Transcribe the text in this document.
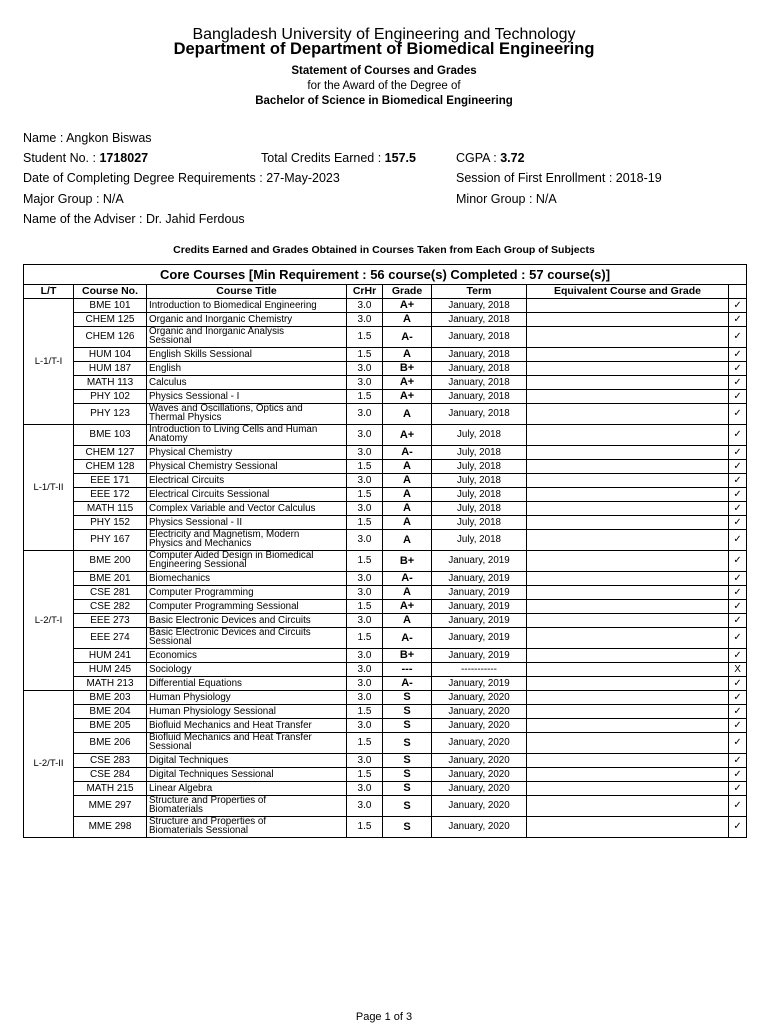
Bangladesh University of Engineering and Technology
Department of Department of Biomedical Engineering
Statement of Courses and Grades
for the Award of the Degree of
Bachelor of Science in Biomedical Engineering
Name : Angkon Biswas
Student No. : 1718027	Total Credits Earned : 157.5	CGPA : 3.72
Date of Completing Degree Requirements : 27-May-2023	Session of First Enrollment : 2018-19
Major Group : N/A	Minor Group : N/A
Name of the Adviser : Dr. Jahid Ferdous
Credits Earned and Grades Obtained in Courses Taken from Each Group of Subjects
Core Courses [Min Requirement : 56 course(s) Completed : 57 course(s)]							
L/T	Course No.	Course Title	CrHr	Grade	Term	Equivalent Course and Grade	
L-1/T-I	BME 101	Introduction to Biomedical Engineering	3.0	A+	January, 2018		✓
	CHEM 125	Organic and Inorganic Chemistry	3.0	A	January, 2018		✓
	CHEM 126	Organic and Inorganic Analysis
Sessional	1.5	A-	January, 2018		✓
	HUM 104	English Skills Sessional	1.5	A	January, 2018		✓
	HUM 187	English	3.0	B+	January, 2018		✓
	MATH 113	Calculus	3.0	A+	January, 2018		✓
	PHY 102	Physics Sessional - I	1.5	A+	January, 2018		✓
	PHY 123	Waves and Oscillations, Optics and
Thermal Physics	3.0	A	January, 2018		✓
L-1/T-II	BME 103	Introduction to Living Cells and Human
Anatomy	3.0	A+	July, 2018		✓
	CHEM 127	Physical Chemistry	3.0	A-	July, 2018		✓
	CHEM 128	Physical Chemistry Sessional	1.5	A	July, 2018		✓
	EEE 171	Electrical Circuits	3.0	A	July, 2018		✓
	EEE 172	Electrical Circuits Sessional	1.5	A	July, 2018		✓
	MATH 115	Complex Variable and Vector Calculus	3.0	A	July, 2018		✓
	PHY 152	Physics Sessional - II	1.5	A	July, 2018		✓
	PHY 167	Electricity and Magnetism, Modern
Physics and Mechanics	3.0	A	July, 2018		✓
L-2/T-I	BME 200	Computer Aided Design in Biomedical
Engineering Sessional	1.5	B+	January, 2019		✓
	BME 201	Biomechanics	3.0	A-	January, 2019		✓
	CSE 281	Computer Programming	3.0	A	January, 2019		✓
	CSE 282	Computer Programming Sessional	1.5	A+	January, 2019		✓
	EEE 273	Basic Electronic Devices and Circuits	3.0	A	January, 2019		✓
	EEE 274	Basic Electronic Devices and Circuits
Sessional	1.5	A-	January, 2019		✓
	HUM 241	Economics	3.0	B+	January, 2019		✓
	HUM 245	Sociology	3.0	---	-----------		X
	MATH 213	Differential Equations	3.0	A-	January, 2019		✓
L-2/T-II	BME 203	Human Physiology	3.0	S	January, 2020		✓
	BME 204	Human Physiology Sessional	1.5	S	January, 2020		✓
	BME 205	Biofluid Mechanics and Heat Transfer	3.0	S	January, 2020		✓
	BME 206	Biofluid Mechanics and Heat Transfer
Sessional	1.5	S	January, 2020		✓
	CSE 283	Digital Techniques	3.0	S	January, 2020		✓
	CSE 284	Digital Techniques Sessional	1.5	S	January, 2020		✓
	MATH 215	Linear Algebra	3.0	S	January, 2020		✓
	MME 297	Structure and Properties of
Biomaterials	3.0	S	January, 2020		✓
	MME 298	Structure and Properties of
Biomaterials Sessional	1.5	S	January, 2020		✓
Page 1 of 3
